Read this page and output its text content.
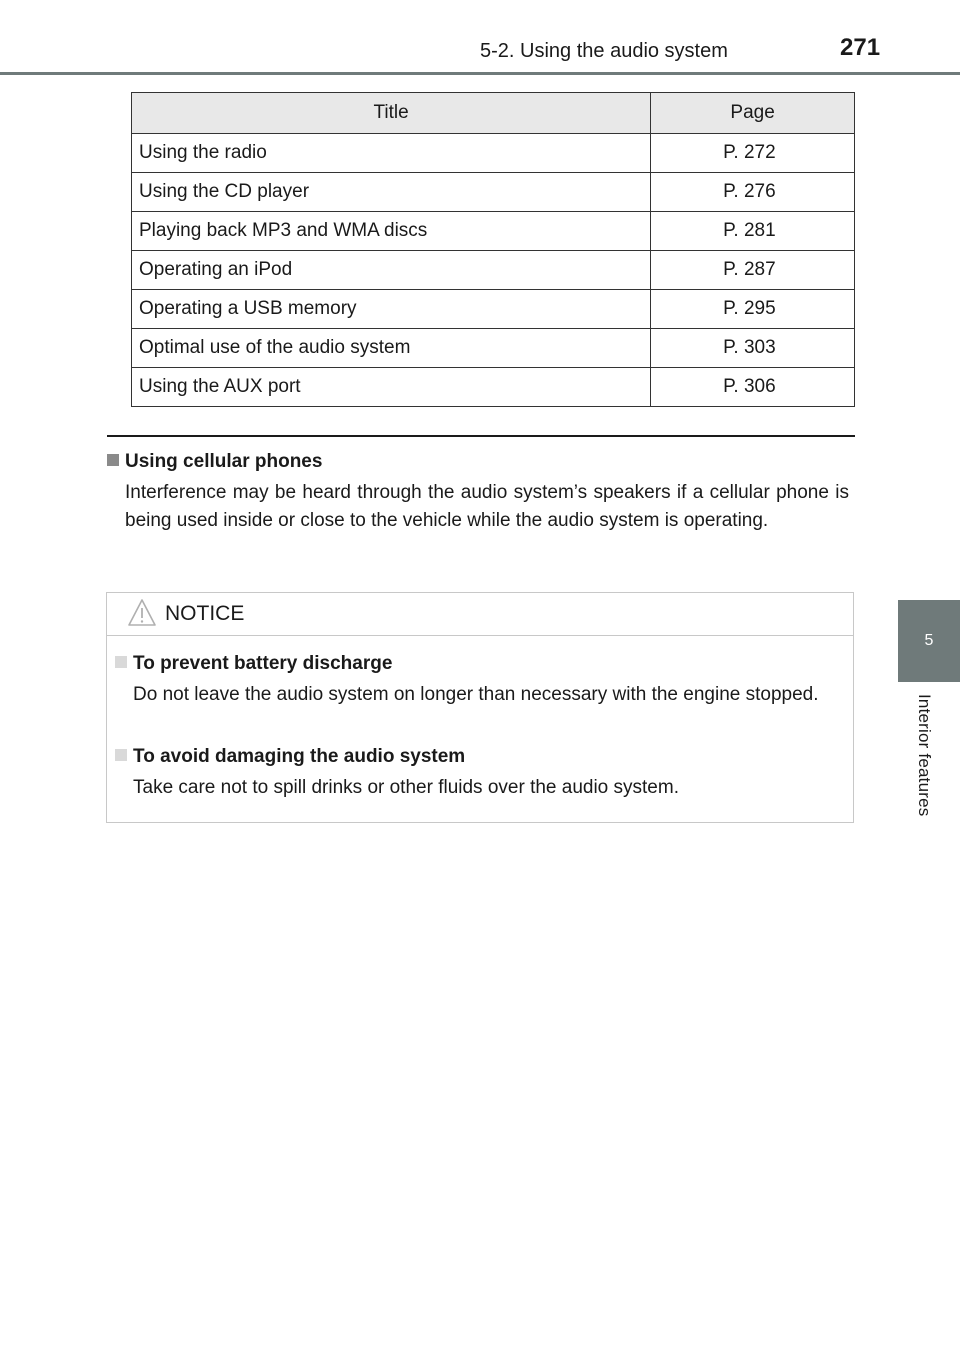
5-2. Using the audio system	271
5
Interior features
Title	Page
Using the radio	P. 272
Using the CD player	P. 276
Playing back MP3 and WMA discs	P. 281
Operating an iPod	P. 287
Operating a USB memory	P. 295
Optimal use of the audio system	P. 303
Using the AUX port	P. 306
Using cellular phones
Interference may be heard through the audio system’s speakers if a cellular phone is being used inside or close to the vehicle while the audio system is operating.
NOTICE
To prevent battery discharge
Do not leave the audio system on longer than necessary with the engine stopped.
To avoid damaging the audio system
Take care not to spill drinks or other fluids over the audio system.
